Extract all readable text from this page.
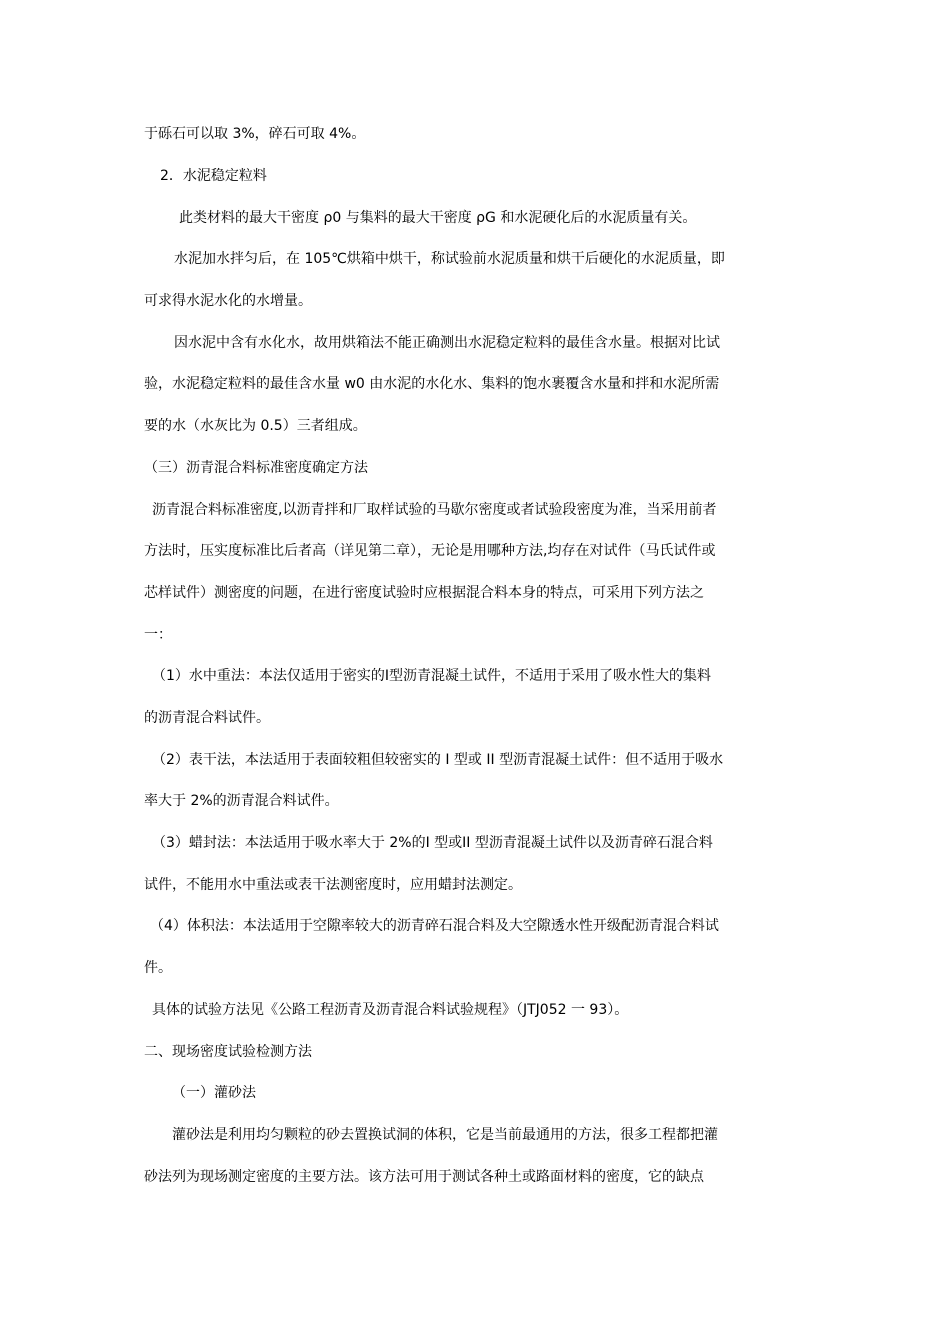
于砾石可以取 3%，碎石可取 4%。
2．水泥稳定粒料
此类材料的最大干密度 ρ0 与集料的最大干密度 ρG 和水泥硬化后的水泥质量有关。
水泥加水拌匀后，在 105℃烘箱中烘干，称试验前水泥质量和烘干后硬化的水泥质量，即
可求得水泥水化的水增量。
因水泥中含有水化水，故用烘箱法不能正确测出水泥稳定粒料的最佳含水量。根据对比试
验，水泥稳定粒料的最佳含水量 w0 由水泥的水化水、集料的饱水裹覆含水量和拌和水泥所需
要的水（水灰比为 0.5）三者组成。
（三）沥青混合料标准密度确定方法
沥青混合料标准密度,以沥青拌和厂取样试验的马歇尔密度或者试验段密度为准，当采用前者
方法时，压实度标准比后者高（详见第二章），无论是用哪种方法,均存在对试件（马氏试件或
芯样试件）测密度的问题，在进行密度试验时应根据混合料本身的特点，可采用下列方法之
一：
（1）水中重法：本法仅适用于密实的I型沥青混凝土试件，不适用于采用了吸水性大的集料
的沥青混合料试件。
（2）表干法，本法适用于表面较粗但较密实的 I 型或 II 型沥青混凝土试件：但不适用于吸水
率大于 2%的沥青混合料试件。
（3）蜡封法：本法适用于吸水率大于 2%的I 型或II 型沥青混凝土试件以及沥青碎石混合料
试件，不能用水中重法或表干法测密度时，应用蜡封法测定。
（4）体积法：本法适用于空隙率较大的沥青碎石混合料及大空隙透水性开级配沥青混合料试
件。
具体的试验方法见《公路工程沥青及沥青混合料试验规程》（JTJ052 一 93）。
二、现场密度试验检测方法
（一）灌砂法
灌砂法是利用均匀颗粒的砂去置换试洞的体积，它是当前最通用的方法，很多工程都把灌
砂法列为现场测定密度的主要方法。该方法可用于测试各种土或路面材料的密度，它的缺点
